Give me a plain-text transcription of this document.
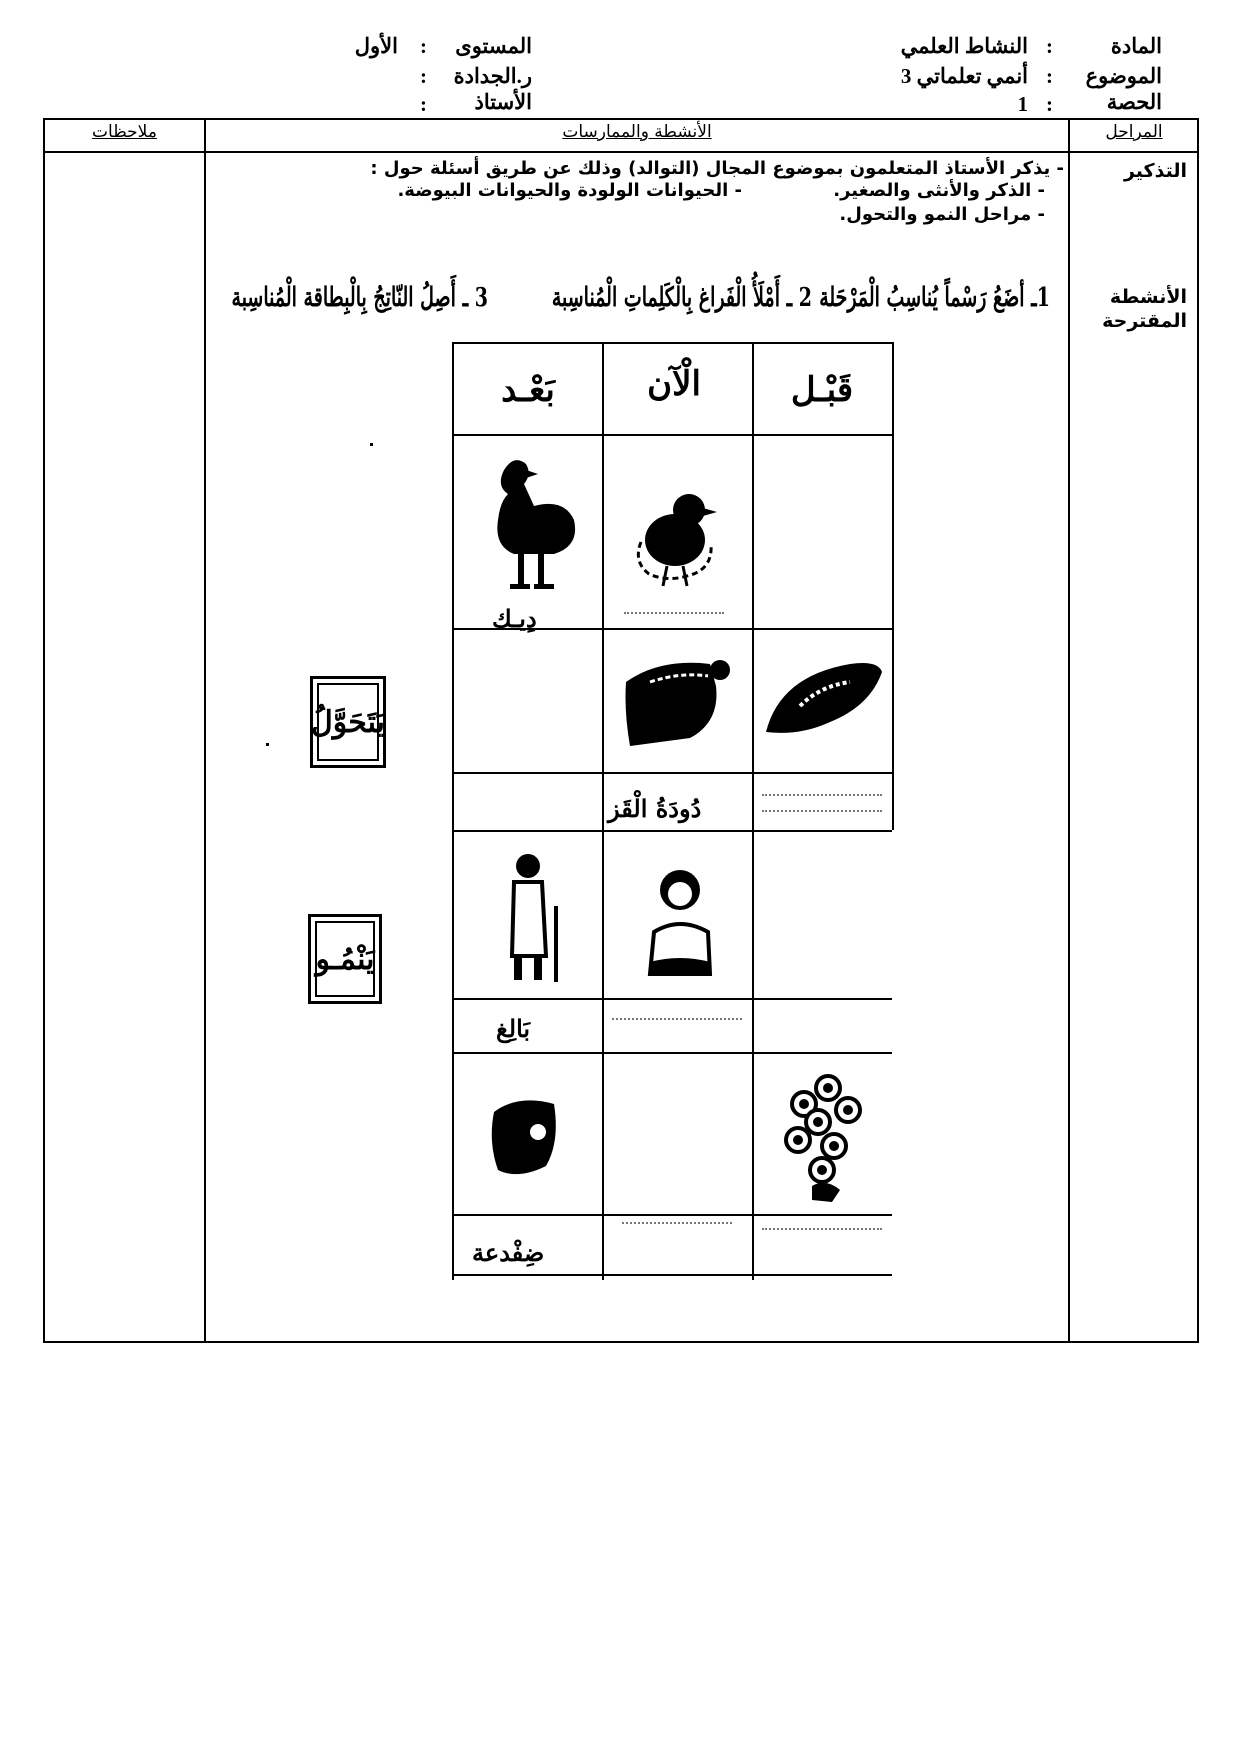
المادة
:
النشاط العلمي
الموضوع
:
أنمي تعلماتي 3
الحصة
:
1
المستوى
:
الأول
ر.الجدادة
:
الأستاذ
:
المراحل
الأنشطة والممارسات
ملاحظات
التذكير
الأنشطة المقترحة
- يذكر الأستاذ المتعلمون بموضوع المجال (التوالد) وذلك عن طريق أسئلة حول :
- الذكر والأنثى والصغير.
- الحيوانات الولودة والحيوانات البيوضة.
- مراحل النمو والتحول.
1ـ أضَعُ رَسْماً يُناسِبُ الْمَرْحَلة
2 ـ أَمْلَأُ الْفَراغ بِالْكَلِماتِ الْمُناسِبة
3 ـ أَصِلُ النّاتِجُ بِالْبِطاقة الْمُناسِبة
قَبْـل
الْآن
بَعْـد
دِيـك
دُودَةُ الْقَز
بَالِغ
ضِفْدعة
يَتَحَوَّلُ
يَنْمُـو
